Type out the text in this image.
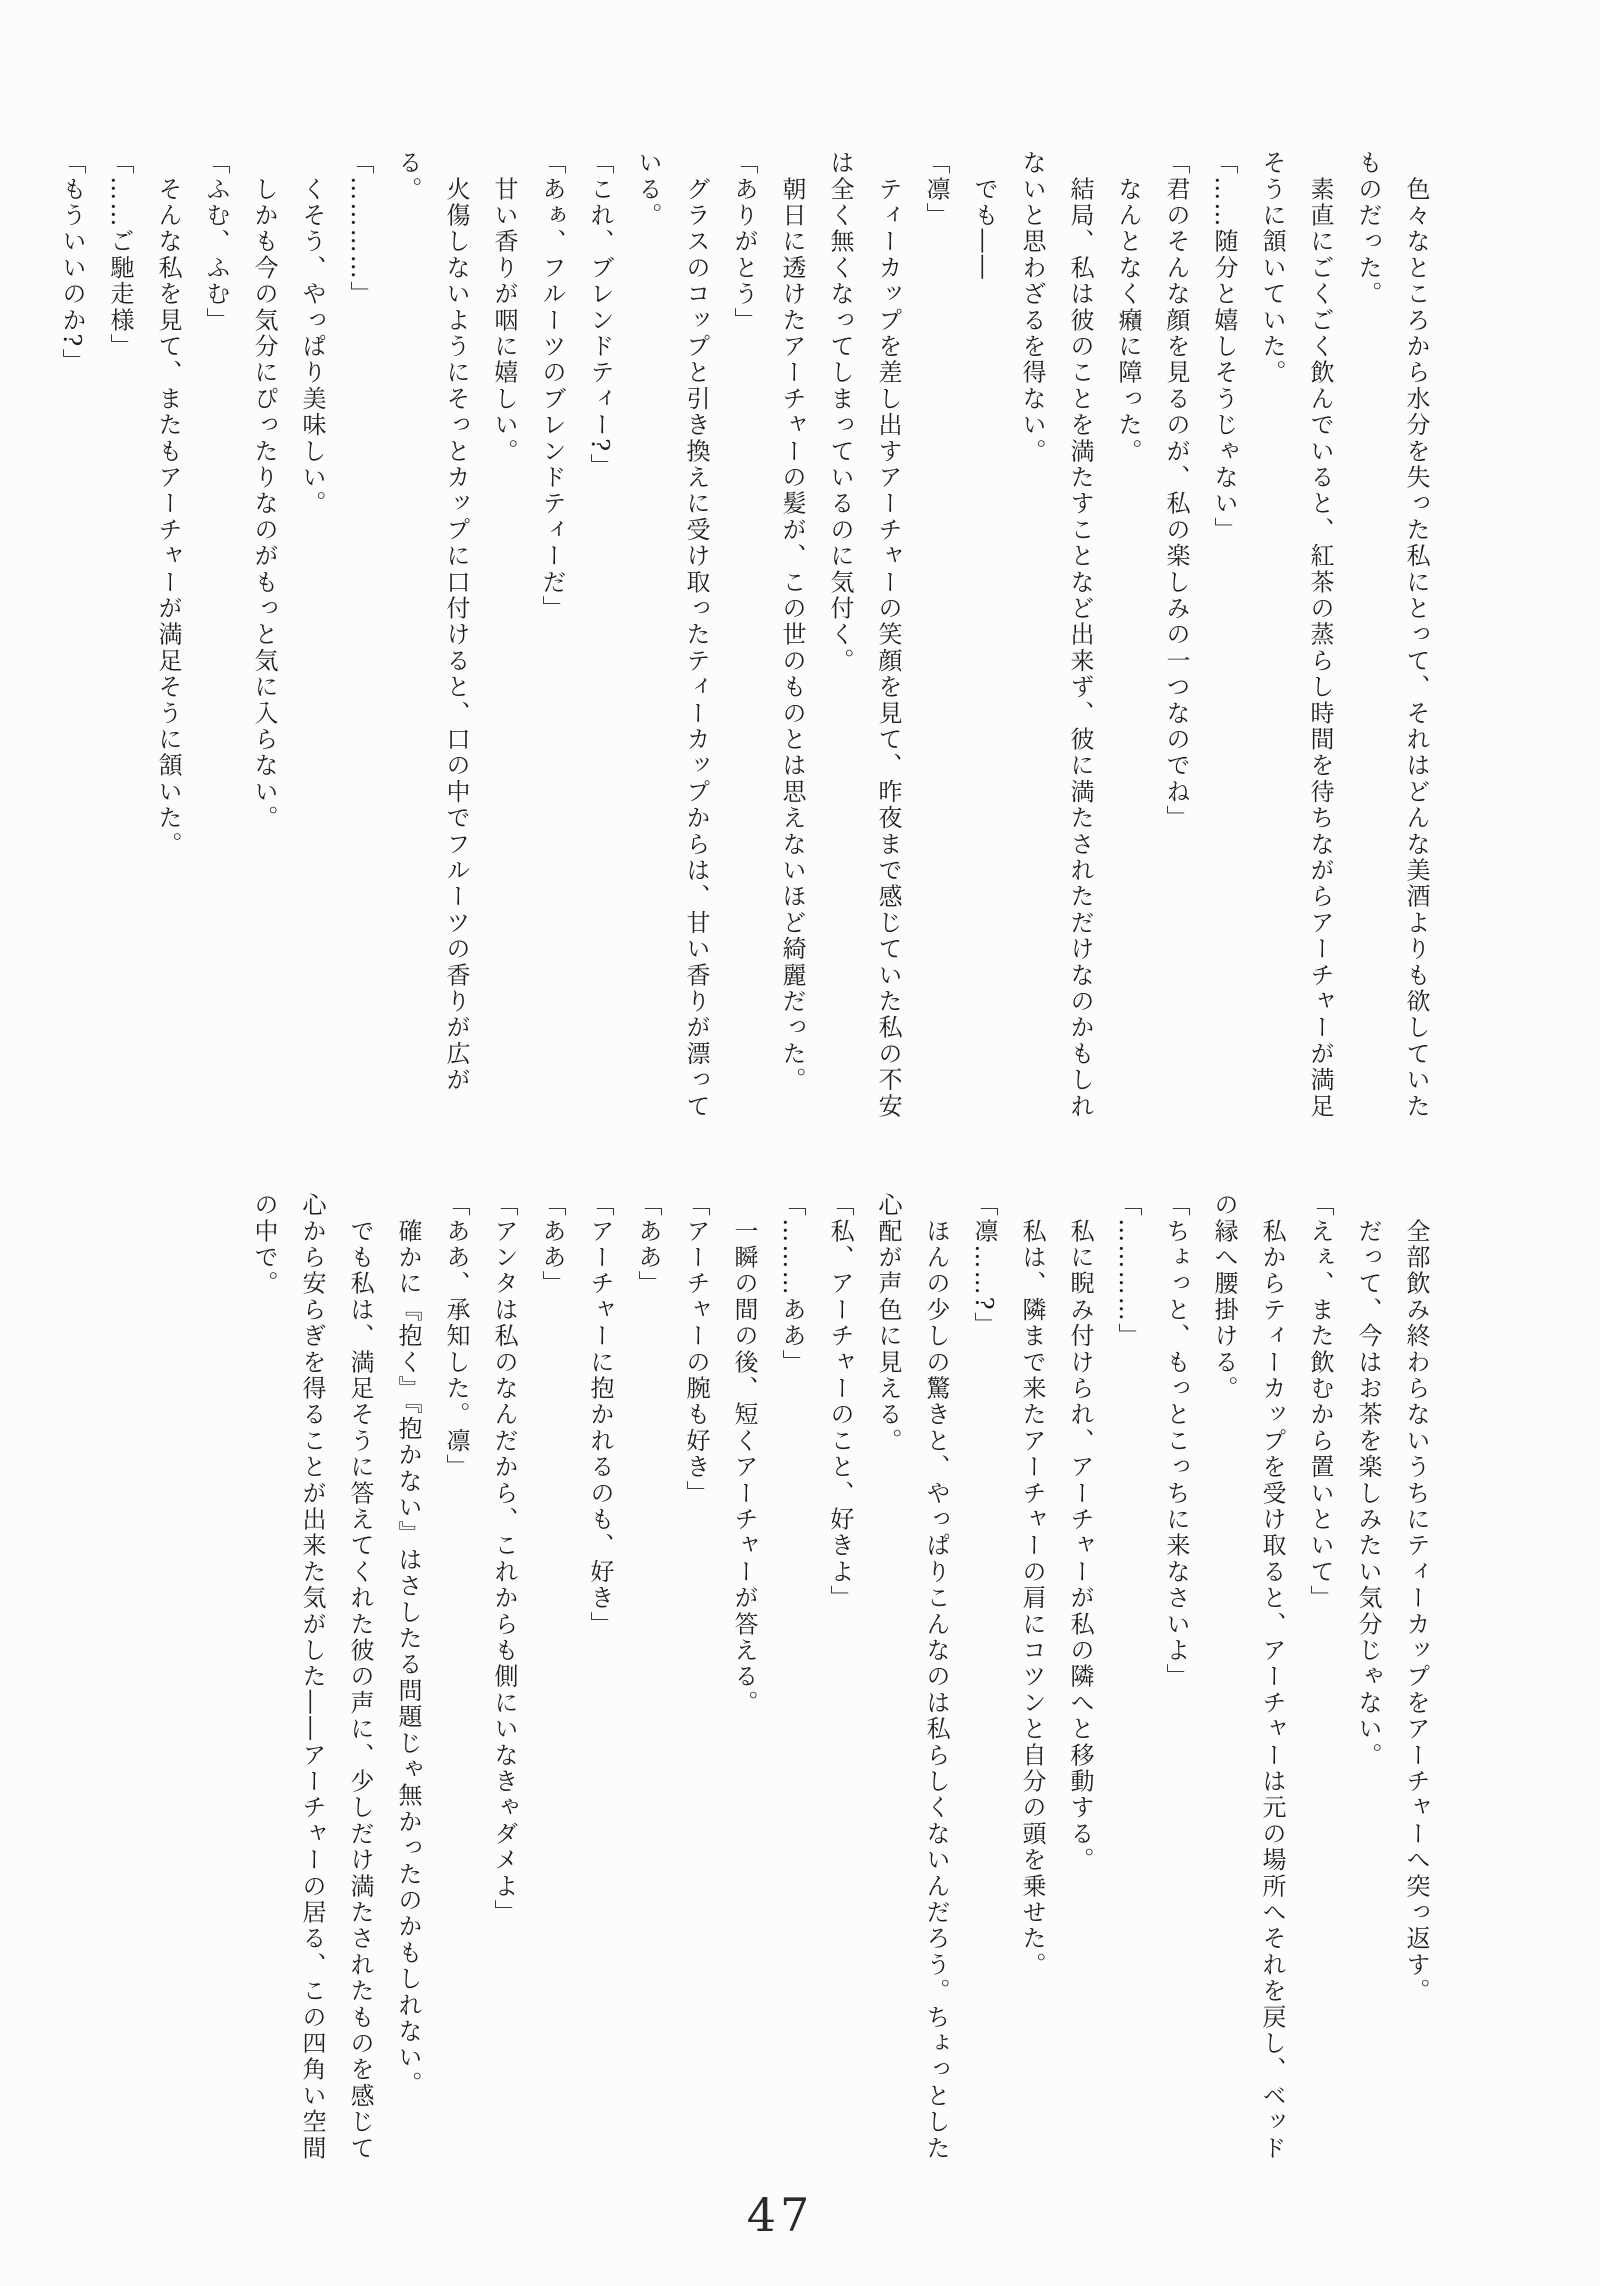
　色々なところから水分を失った私にとって、それはどんな美酒よりも欲していたものだった。

　素直にごくごく飲んでいると、紅茶の蒸らし時間を待ちながらアーチャーが満足そうに頷いていた。

「……随分と嬉しそうじゃない」

「君のそんな顔を見るのが、私の楽しみの一つなのでね」

　なんとなく癪に障った。

　結局、私は彼のことを満たすことなど出来ず、彼に満たされただけなのかもしれないと思わざるを得ない。

　でも――

「凛」

　ティーカップを差し出すアーチャーの笑顔を見て、昨夜まで感じていた私の不安は全く無くなってしまっているのに気付く。

　朝日に透けたアーチャーの髪が、この世のものとは思えないほど綺麗だった。

「ありがとう」

　グラスのコップと引き換えに受け取ったティーカップからは、甘い香りが漂っている。

「これ、ブレンドティー?」

「あぁ、フルーツのブレンドティーだ」

　甘い香りが咽に嬉しい。

　火傷しないようにそっとカップに口付けると、口の中でフルーツの香りが広がる。

「…………」

　くそう、やっぱり美味しい。

　しかも今の気分にぴったりなのがもっと気に入らない。

「ふむ、ふむ」

　そんな私を見て、またもアーチャーが満足そうに頷いた。

「……ご馳走様」

「もういいのか?」

　全部飲み終わらないうちにティーカップをアーチャーへ突っ返す。

　だって、今はお茶を楽しみたい気分じゃない。

「えぇ、また飲むから置いといて」

　私からティーカップを受け取ると、アーチャーは元の場所へそれを戻し、ベッドの縁へ腰掛ける。

「ちょっと、もっとこっちに来なさいよ」

「…………」

　私に睨み付けられ、アーチャーが私の隣へと移動する。

　私は、隣まで来たアーチャーの肩にコツンと自分の頭を乗せた。

「凛……?」

　ほんの少しの驚きと、やっぱりこんなのは私らしくないんだろう。ちょっとした心配が声色に見える。

「私、アーチャーのこと、好きよ」

「………ああ」

　一瞬の間の後、短くアーチャーが答える。

「アーチャーの腕も好き」

「ああ」

「アーチャーに抱かれるのも、好き」

「ああ」

「アンタは私のなんだから、これからも側にいなきゃダメよ」

「ああ、承知した。凛」

　確かに『抱く』『抱かない』はさしたる問題じゃ無かったのかもしれない。

　でも私は、満足そうに答えてくれた彼の声に、少しだけ満たされたものを感じて心から安らぎを得ることが出来た気がした――アーチャーの居る、この四角い空間の中で。

47
